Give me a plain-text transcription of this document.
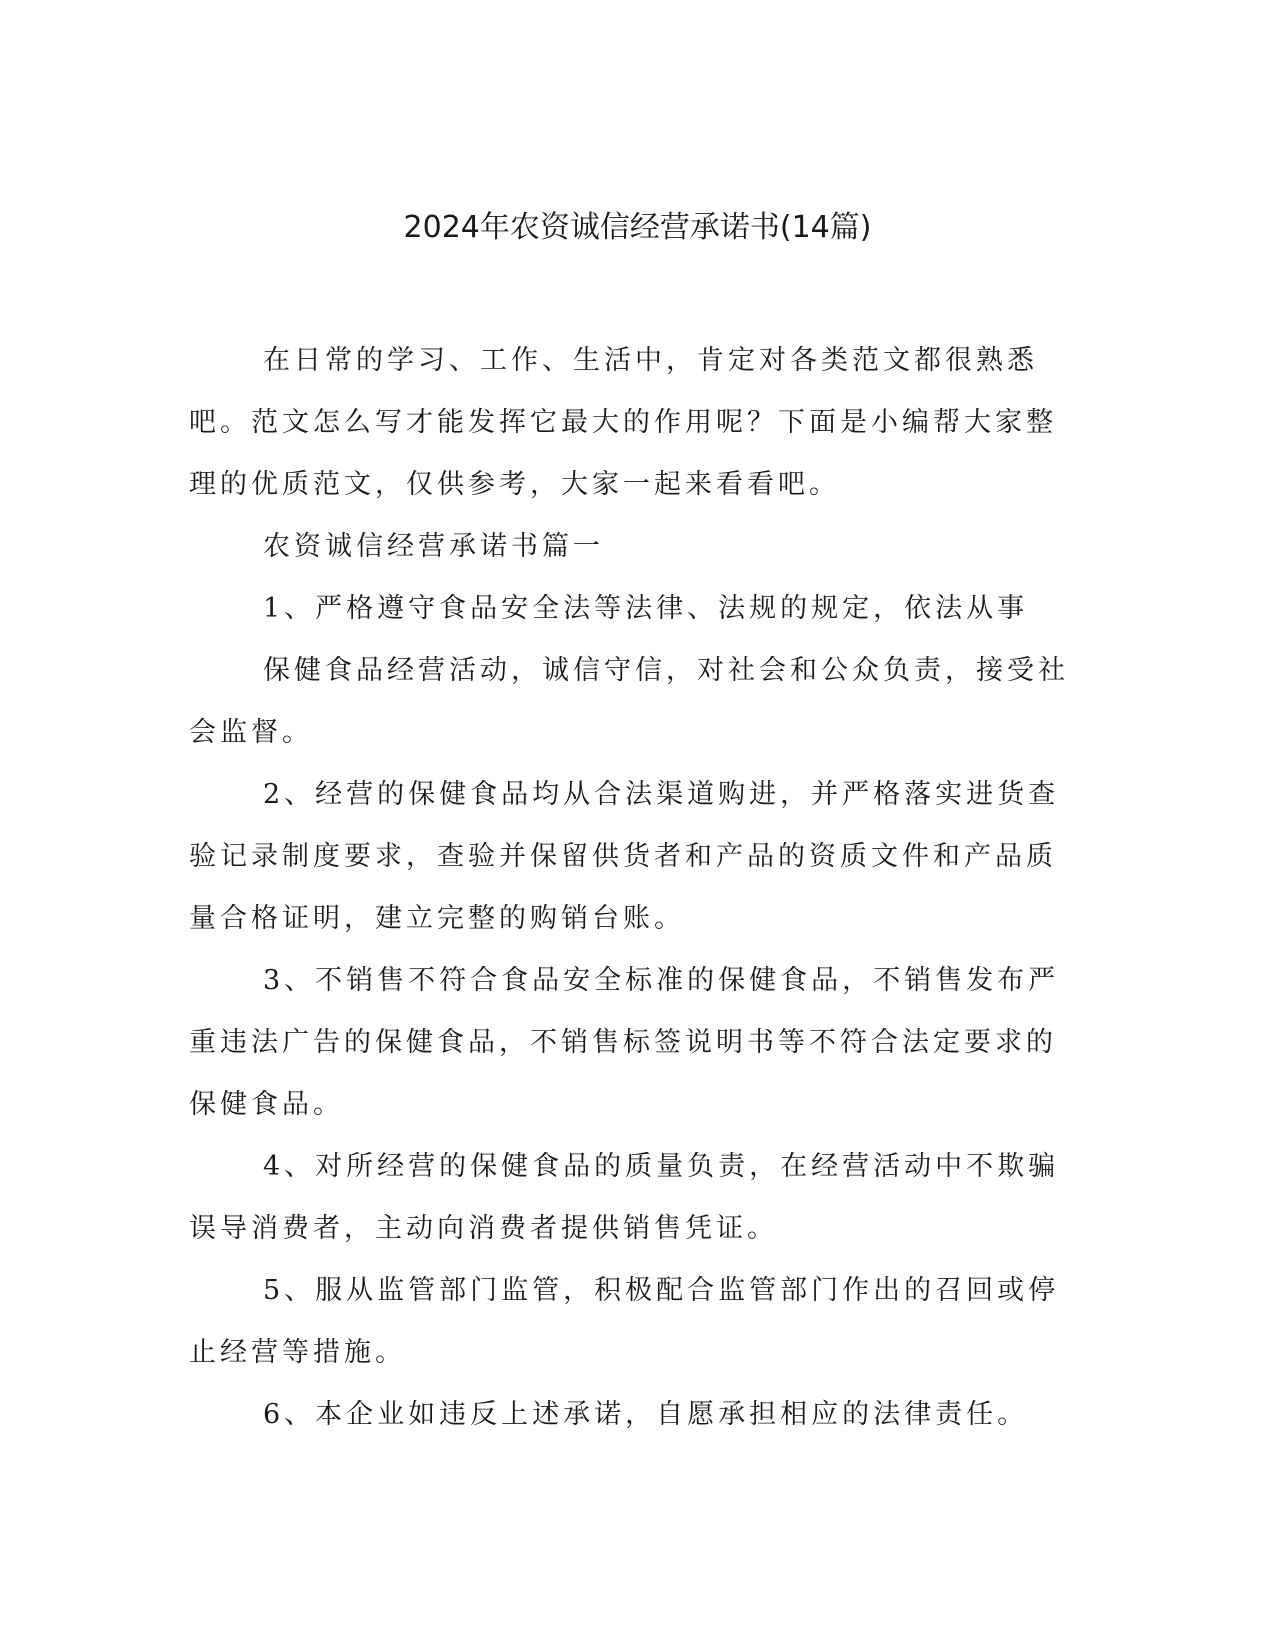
2024年农资诚信经营承诺书(14篇)

在日常的学习、工作、生活中，肯定对各类范文都很熟悉吧。范文怎么写才能发挥它最大的作用呢？下面是小编帮大家整理的优质范文，仅供参考，大家一起来看看吧。

农资诚信经营承诺书篇一

1、严格遵守食品安全法等法律、法规的规定，依法从事

保健食品经营活动，诚信守信，对社会和公众负责，接受社会监督。

2、经营的保健食品均从合法渠道购进，并严格落实进货查验记录制度要求，查验并保留供货者和产品的资质文件和产品质量合格证明，建立完整的购销台账。

3、不销售不符合食品安全标准的保健食品，不销售发布严重违法广告的保健食品，不销售标签说明书等不符合法定要求的保健食品。

4、对所经营的保健食品的质量负责，在经营活动中不欺骗误导消费者，主动向消费者提供销售凭证。

5、服从监管部门监管，积极配合监管部门作出的召回或停止经营等措施。

6、本企业如违反上述承诺，自愿承担相应的法律责任。
